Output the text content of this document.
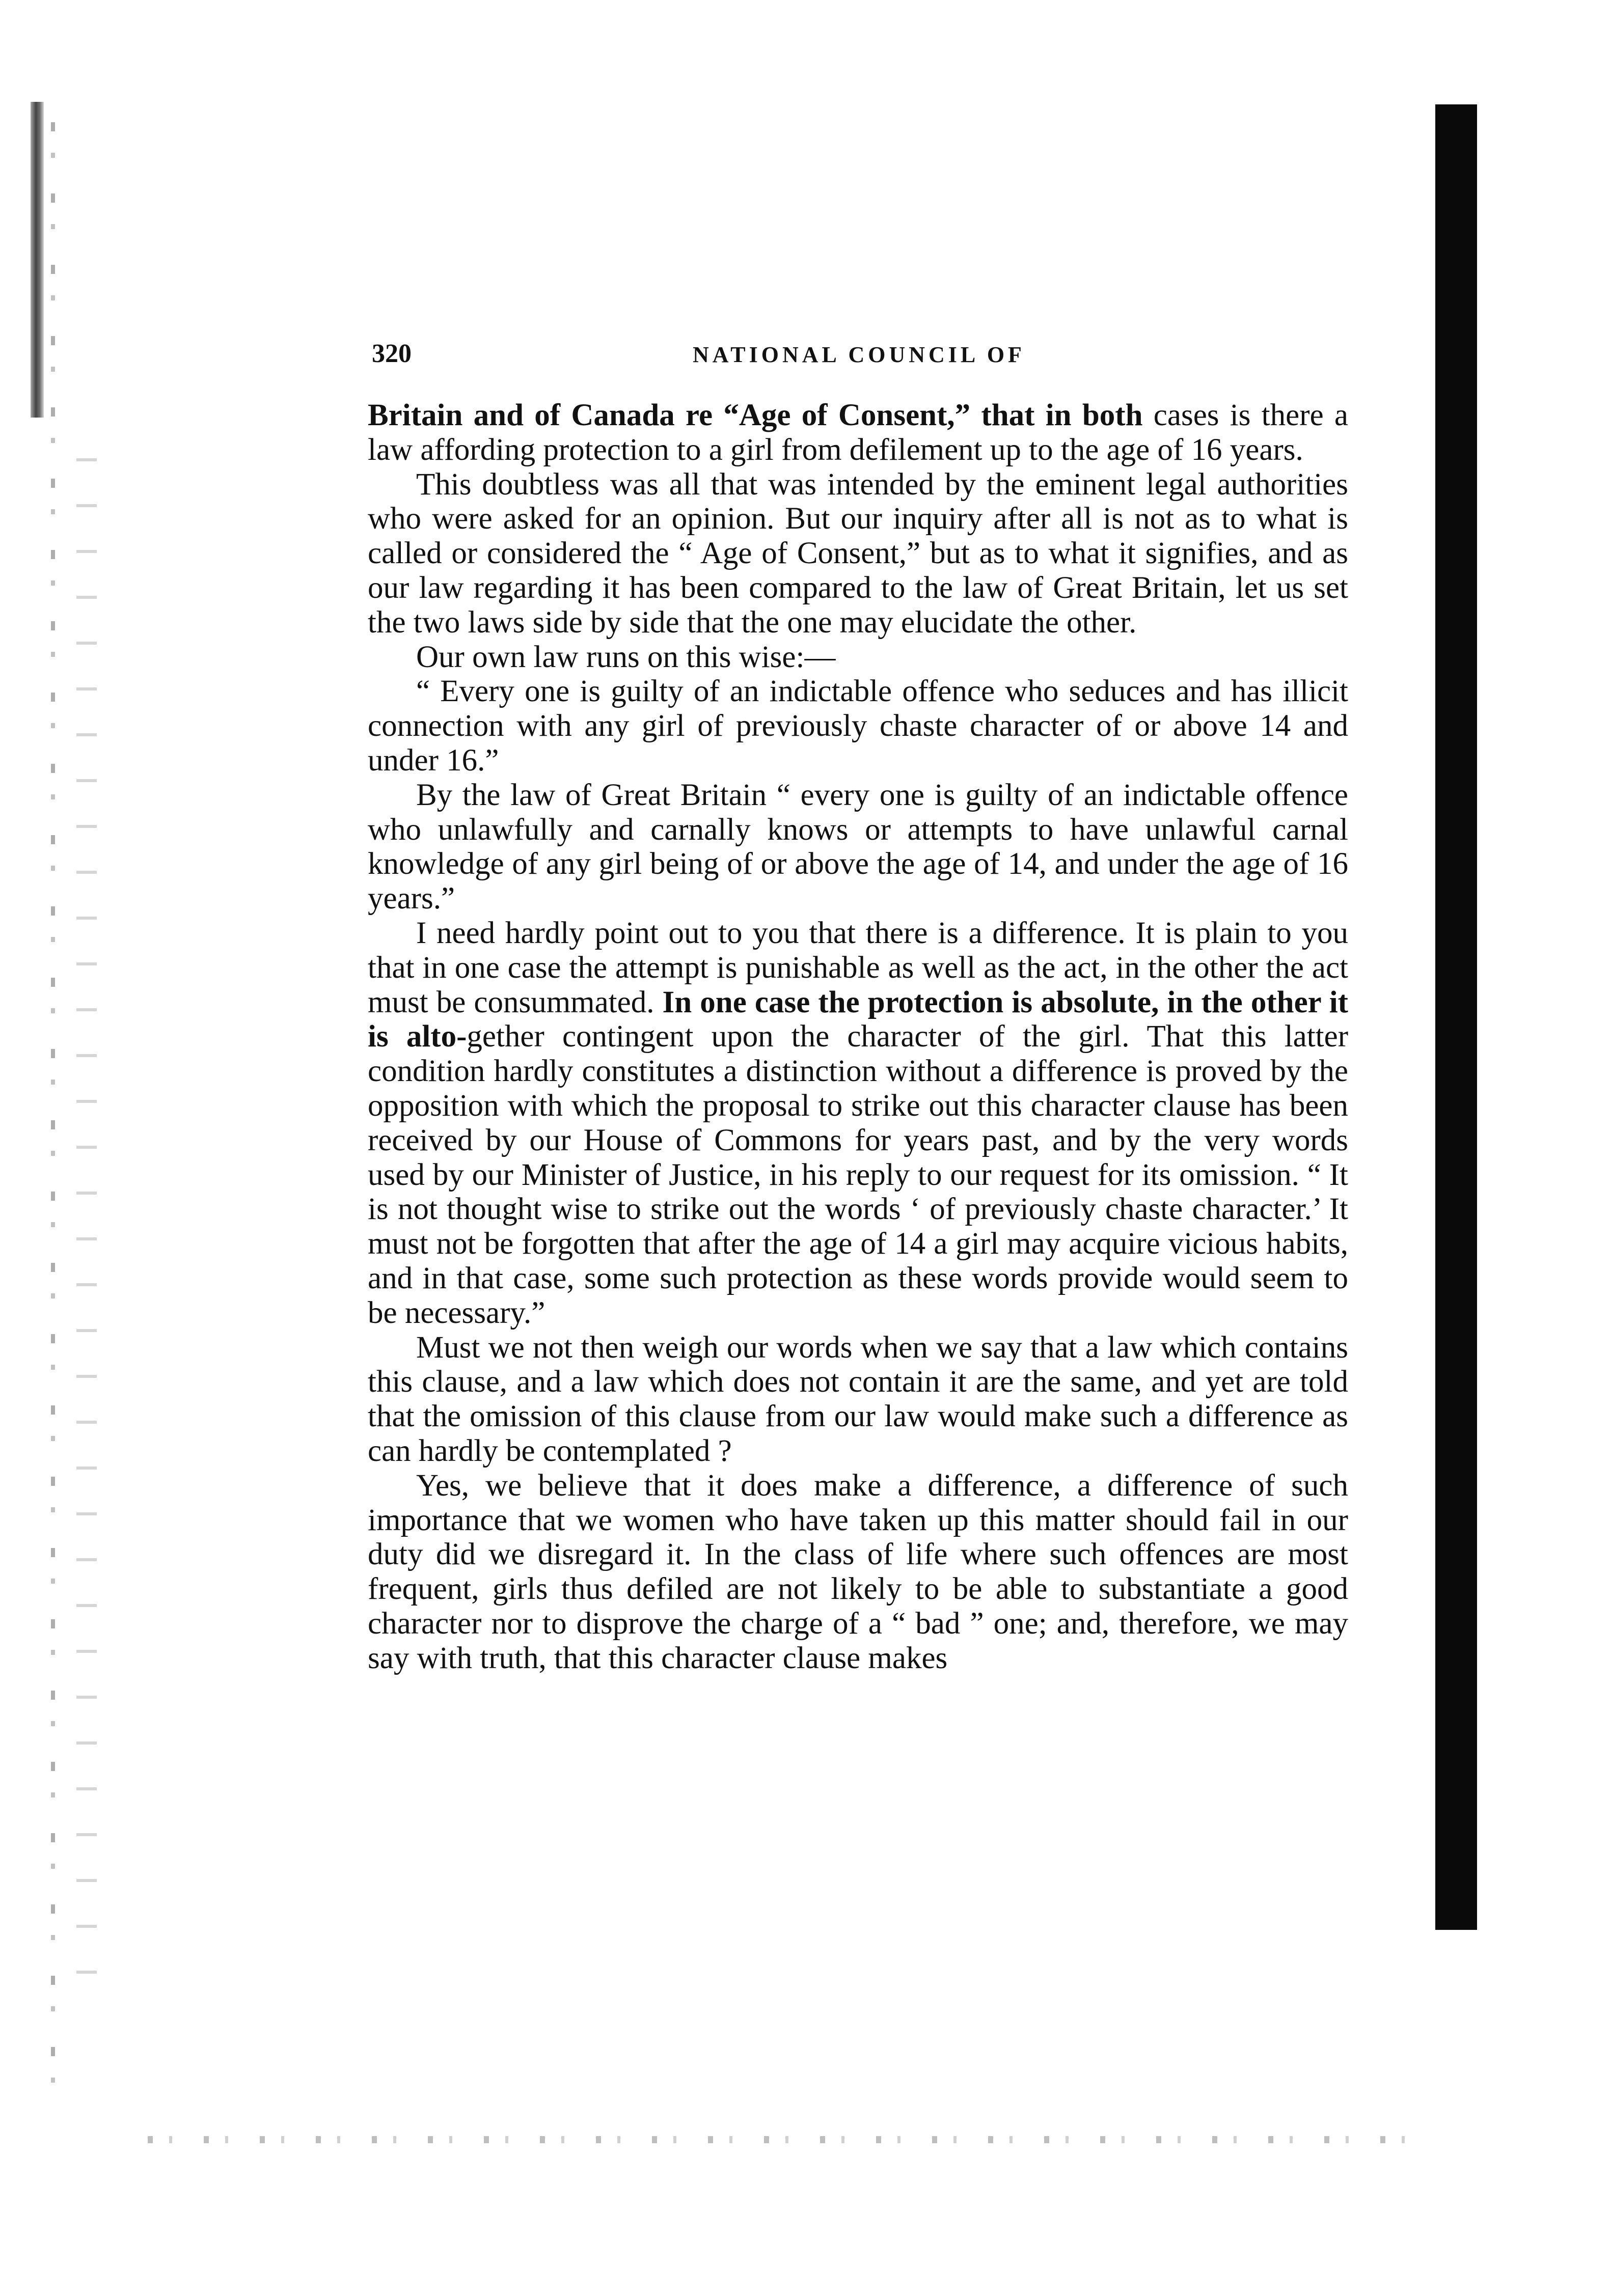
320	NATIONAL COUNCIL OF

Britain and of Canada re “Age of Consent,” that in both cases is there a law affording protection to a girl from defilement up to the age of 16 years.

This doubtless was all that was intended by the eminent legal authorities who were asked for an opinion. But our inquiry after all is not as to what is called or considered the “ Age of Consent,” but as to what it signifies, and as our law regarding it has been compared to the law of Great Britain, let us set the two laws side by side that the one may elucidate the other.

Our own law runs on this wise:—

“ Every one is guilty of an indictable offence who seduces and has illicit connection with any girl of previously chaste character of or above 14 and under 16.”

By the law of Great Britain “ every one is guilty of an indictable offence who unlawfully and carnally knows or attempts to have unlawful carnal knowledge of any girl being of or above the age of 14, and under the age of 16 years.”

I need hardly point out to you that there is a difference. It is plain to you that in one case the attempt is punishable as well as the act, in the other the act must be consummated. In one case the protection is absolute, in the other it is alto-gether contingent upon the character of the girl. That this latter condition hardly constitutes a distinction without a difference is proved by the opposition with which the proposal to strike out this character clause has been received by our House of Commons for years past, and by the very words used by our Minister of Justice, in his reply to our request for its omission. “ It is not thought wise to strike out the words ‘ of previously chaste character.’ It must not be forgotten that after the age of 14 a girl may acquire vicious habits, and in that case, some such protection as these words provide would seem to be necessary.”

Must we not then weigh our words when we say that a law which contains this clause, and a law which does not contain it are the same, and yet are told that the omission of this clause from our law would make such a difference as can hardly be contemplated ?

Yes, we believe that it does make a difference, a difference of such importance that we women who have taken up this matter should fail in our duty did we disregard it. In the class of life where such offences are most frequent, girls thus defiled are not likely to be able to substantiate a good character nor to disprove the charge of a “ bad ” one; and, therefore, we may say with truth, that this character clause makes
